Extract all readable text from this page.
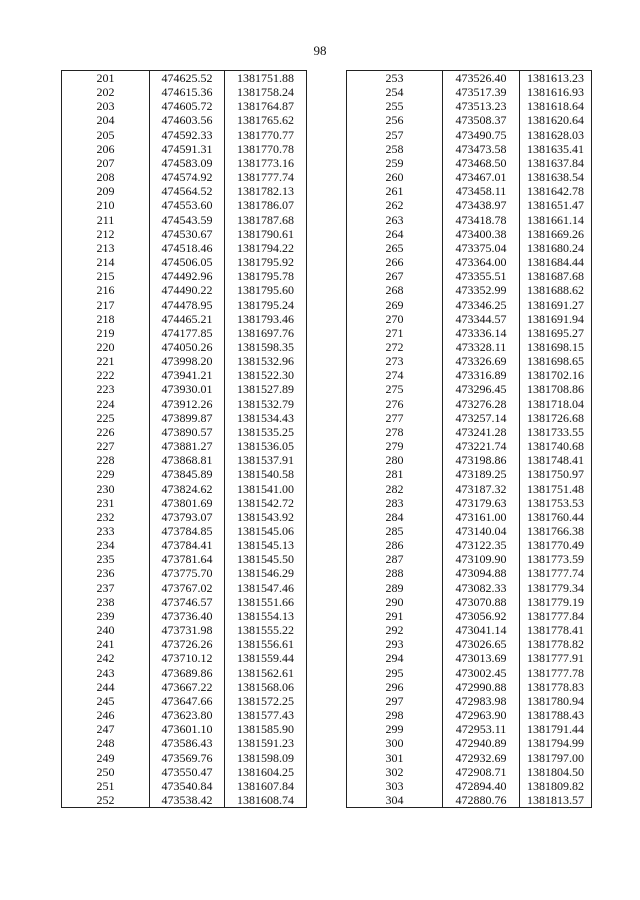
98
201	474625.52	1381751.88
202	474615.36	1381758.24
203	474605.72	1381764.87
204	474603.56	1381765.62
205	474592.33	1381770.77
206	474591.31	1381770.78
207	474583.09	1381773.16
208	474574.92	1381777.74
209	474564.52	1381782.13
210	474553.60	1381786.07
211	474543.59	1381787.68
212	474530.67	1381790.61
213	474518.46	1381794.22
214	474506.05	1381795.92
215	474492.96	1381795.78
216	474490.22	1381795.60
217	474478.95	1381795.24
218	474465.21	1381793.46
219	474177.85	1381697.76
220	474050.26	1381598.35
221	473998.20	1381532.96
222	473941.21	1381522.30
223	473930.01	1381527.89
224	473912.26	1381532.79
225	473899.87	1381534.43
226	473890.57	1381535.25
227	473881.27	1381536.05
228	473868.81	1381537.91
229	473845.89	1381540.58
230	473824.62	1381541.00
231	473801.69	1381542.72
232	473793.07	1381543.92
233	473784.85	1381545.06
234	473784.41	1381545.13
235	473781.64	1381545.50
236	473775.70	1381546.29
237	473767.02	1381547.46
238	473746.57	1381551.66
239	473736.40	1381554.13
240	473731.98	1381555.22
241	473726.26	1381556.61
242	473710.12	1381559.44
243	473689.86	1381562.61
244	473667.22	1381568.06
245	473647.66	1381572.25
246	473623.80	1381577.43
247	473601.10	1381585.90
248	473586.43	1381591.23
249	473569.76	1381598.09
250	473550.47	1381604.25
251	473540.84	1381607.84
252	473538.42	1381608.74
253	473526.40	1381613.23
254	473517.39	1381616.93
255	473513.23	1381618.64
256	473508.37	1381620.64
257	473490.75	1381628.03
258	473473.58	1381635.41
259	473468.50	1381637.84
260	473467.01	1381638.54
261	473458.11	1381642.78
262	473438.97	1381651.47
263	473418.78	1381661.14
264	473400.38	1381669.26
265	473375.04	1381680.24
266	473364.00	1381684.44
267	473355.51	1381687.68
268	473352.99	1381688.62
269	473346.25	1381691.27
270	473344.57	1381691.94
271	473336.14	1381695.27
272	473328.11	1381698.15
273	473326.69	1381698.65
274	473316.89	1381702.16
275	473296.45	1381708.86
276	473276.28	1381718.04
277	473257.14	1381726.68
278	473241.28	1381733.55
279	473221.74	1381740.68
280	473198.86	1381748.41
281	473189.25	1381750.97
282	473187.32	1381751.48
283	473179.63	1381753.53
284	473161.00	1381760.44
285	473140.04	1381766.38
286	473122.35	1381770.49
287	473109.90	1381773.59
288	473094.88	1381777.74
289	473082.33	1381779.34
290	473070.88	1381779.19
291	473056.92	1381777.84
292	473041.14	1381778.41
293	473026.65	1381778.82
294	473013.69	1381777.91
295	473002.45	1381777.78
296	472990.88	1381778.83
297	472983.98	1381780.94
298	472963.90	1381788.43
299	472953.11	1381791.44
300	472940.89	1381794.99
301	472932.69	1381797.00
302	472908.71	1381804.50
303	472894.40	1381809.82
304	472880.76	1381813.57
